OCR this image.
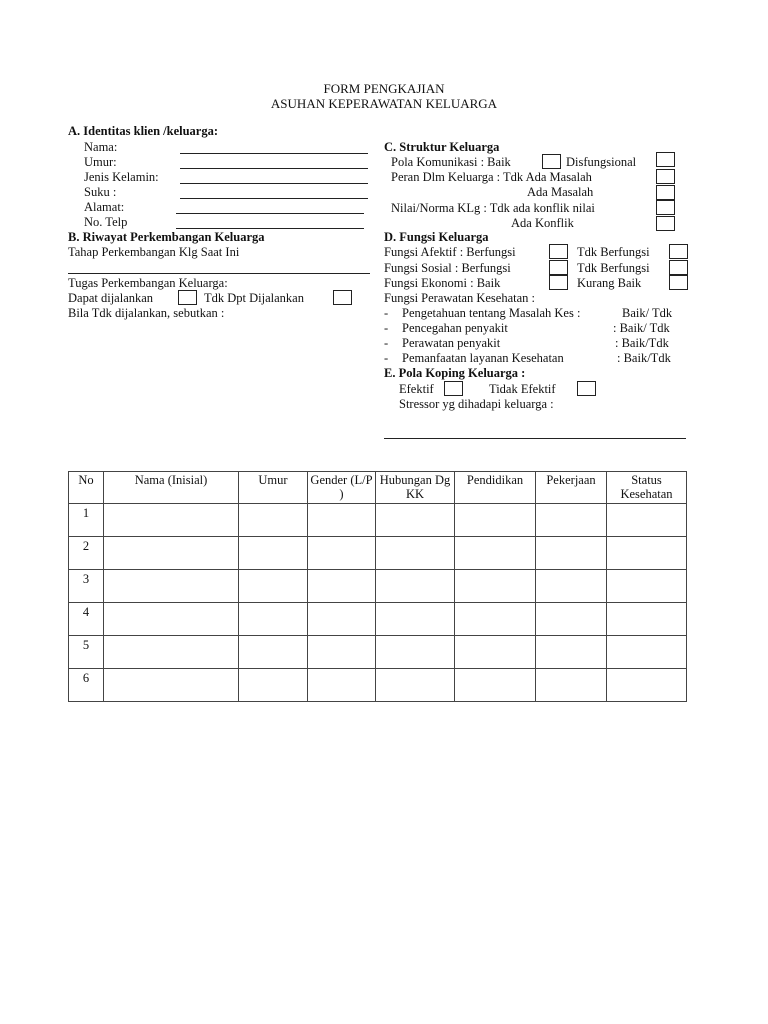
FORM PENGKAJIAN
ASUHAN KEPERAWATAN KELUARGA
A. Identitas klien /keluarga:
Nama:
Umur:
Jenis Kelamin:
Suku :
Alamat:
No. Telp
B. Riwayat Perkembangan Keluarga
Tahap Perkembangan Klg Saat Ini
Tugas Perkembangan Keluarga:
Dapat dijalankan	Tdk Dpt Dijalankan
Bila Tdk dijalankan, sebutkan :
C. Struktur Keluarga
Pola Komunikasi : Baik	Disfungsional
Peran Dlm Keluarga : Tdk Ada Masalah
Ada Masalah
Nilai/Norma KLg : Tdk ada konflik nilai
Ada Konflik
D. Fungsi Keluarga
Fungsi Afektif : Berfungsi	Tdk Berfungsi
Fungsi Sosial : Berfungsi	Tdk Berfungsi
Fungsi Ekonomi : Baik	Kurang Baik
Fungsi Perawatan Kesehatan :
- Pengetahuan tentang Masalah Kes :	Baik/ Tdk
- Pencegahan penyakit	: Baik/ Tdk
- Perawatan penyakit	: Baik/Tdk
- Pemanfaatan layanan Kesehatan	: Baik/Tdk
E. Pola Koping Keluarga :
Efektif	Tidak Efektif
Stressor yg dihadapi keluarga :
No	Nama (Inisial)	Umur	Gender (L/P )	Hubungan Dg KK	Pendidikan	Pekerjaan	Status Kesehatan
1							
2							
3							
4							
5							
6							
